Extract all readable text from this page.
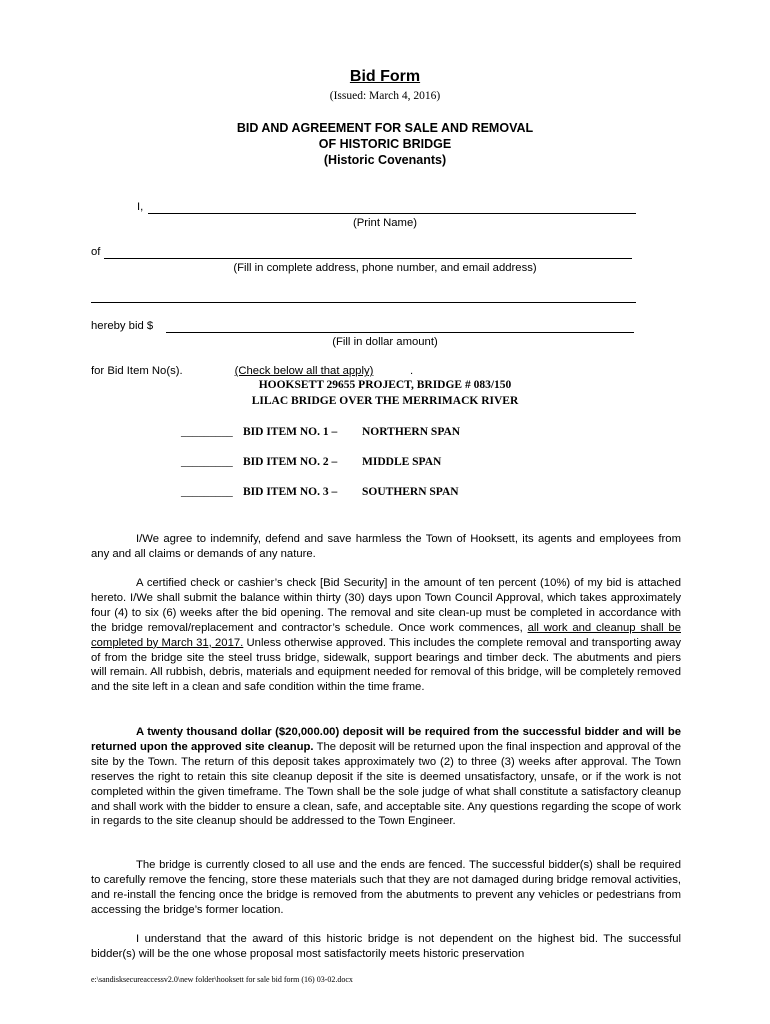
Bid Form
(Issued: March 4, 2016)
BID AND AGREEMENT FOR SALE AND REMOVAL
OF HISTORIC BRIDGE
(Historic Covenants)
I,
(Print Name)
of
(Fill in complete address, phone number, and email address)
hereby bid $
(Fill in dollar amount)
for Bid Item No(s).	(Check below all that apply)	.
HOOKSETT 29655 PROJECT, BRIDGE # 083/150
LILAC BRIDGE OVER THE MERRIMACK RIVER
_________ BID ITEM NO. 1 – NORTHERN SPAN
_________ BID ITEM NO. 2 – MIDDLE SPAN
_________ BID ITEM NO. 3 – SOUTHERN SPAN
I/We agree to indemnify, defend and save harmless the Town of Hooksett, its agents and employees from any and all claims or demands of any nature.
A certified check or cashier’s check [Bid Security] in the amount of ten percent (10%) of my bid is attached hereto. I/We shall submit the balance within thirty (30) days upon Town Council Approval, which takes approximately four (4) to six (6) weeks after the bid opening. The removal and site clean-up must be completed in accordance with the bridge removal/replacement and contractor’s schedule. Once work commences, all work and cleanup shall be completed by March 31, 2017. Unless otherwise approved. This includes the complete removal and transporting away of from the bridge site the steel truss bridge, sidewalk, support bearings and timber deck. The abutments and piers will remain. All rubbish, debris, materials and equipment needed for removal of this bridge, will be completely removed and the site left in a clean and safe condition within the time frame.
A twenty thousand dollar ($20,000.00) deposit will be required from the successful bidder and will be returned upon the approved site cleanup. The deposit will be returned upon the final inspection and approval of the site by the Town. The return of this deposit takes approximately two (2) to three (3) weeks after approval. The Town reserves the right to retain this site cleanup deposit if the site is deemed unsatisfactory, unsafe, or if the work is not completed within the given timeframe. The Town shall be the sole judge of what shall constitute a satisfactory cleanup and shall work with the bidder to ensure a clean, safe, and acceptable site. Any questions regarding the scope of work in regards to the site cleanup should be addressed to the Town Engineer.
The bridge is currently closed to all use and the ends are fenced. The successful bidder(s) shall be required to carefully remove the fencing, store these materials such that they are not damaged during bridge removal activities, and re-install the fencing once the bridge is removed from the abutments to prevent any vehicles or pedestrians from accessing the bridge’s former location.
I understand that the award of this historic bridge is not dependent on the highest bid. The successful bidder(s) will be the one whose proposal most satisfactorily meets historic preservation
e:\sandisksecureaccessv2.0\new folder\hooksett for sale bid form (16) 03-02.docx
